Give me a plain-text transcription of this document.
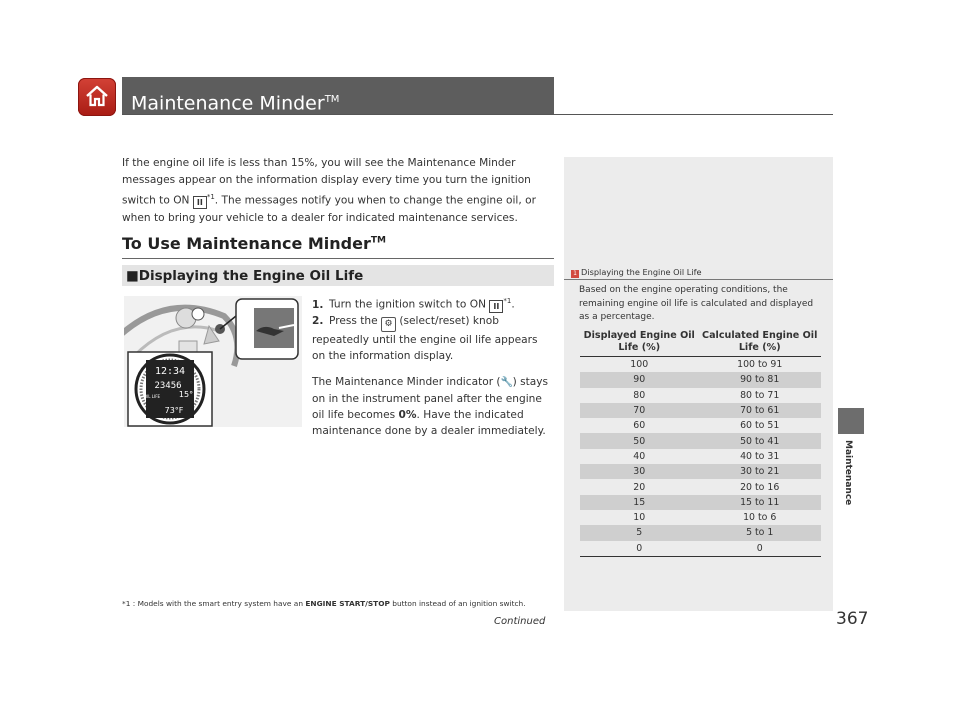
Maintenance Minder™
If the engine oil life is less than 15%, you will see the Maintenance Minder messages appear on the information display every time you turn the ignition switch to ON II$^{*1}$. The messages notify you when to change the engine oil, or when to bring your vehicle to a dealer for indicated maintenance services.
To Use Maintenance Minder™
■Displaying the Engine Oil Life
12:34
23456
15°
OIL LIFE
73°F

1. Turn the ignition switch to ON II$^{*1}$.

2. Press the ⚙ (select/reset) knob repeatedly until the engine oil life appears on the information display.

The Maintenance Minder indicator (🔧) stays on in the instrument panel after the engine oil life becomes 0%. Have the indicated maintenance done by a dealer immediately.

*1 : Models with the smart entry system have an ENGINE START/STOP button instead of an ignition switch.
Continued
1 Displaying the Engine Oil Life
Based on the engine operating conditions, the remaining engine oil life is calculated and displayed as a percentage.
Displayed Engine Oil Life (%)	Calculated Engine Oil Life (%)
100	100 to 91
90	90 to 81
80	80 to 71
70	70 to 61
60	60 to 51
50	50 to 41
40	40 to 31
30	30 to 21
20	20 to 16
15	15 to 11
10	10 to 6
5	5 to 1
0	0
Maintenance
367
